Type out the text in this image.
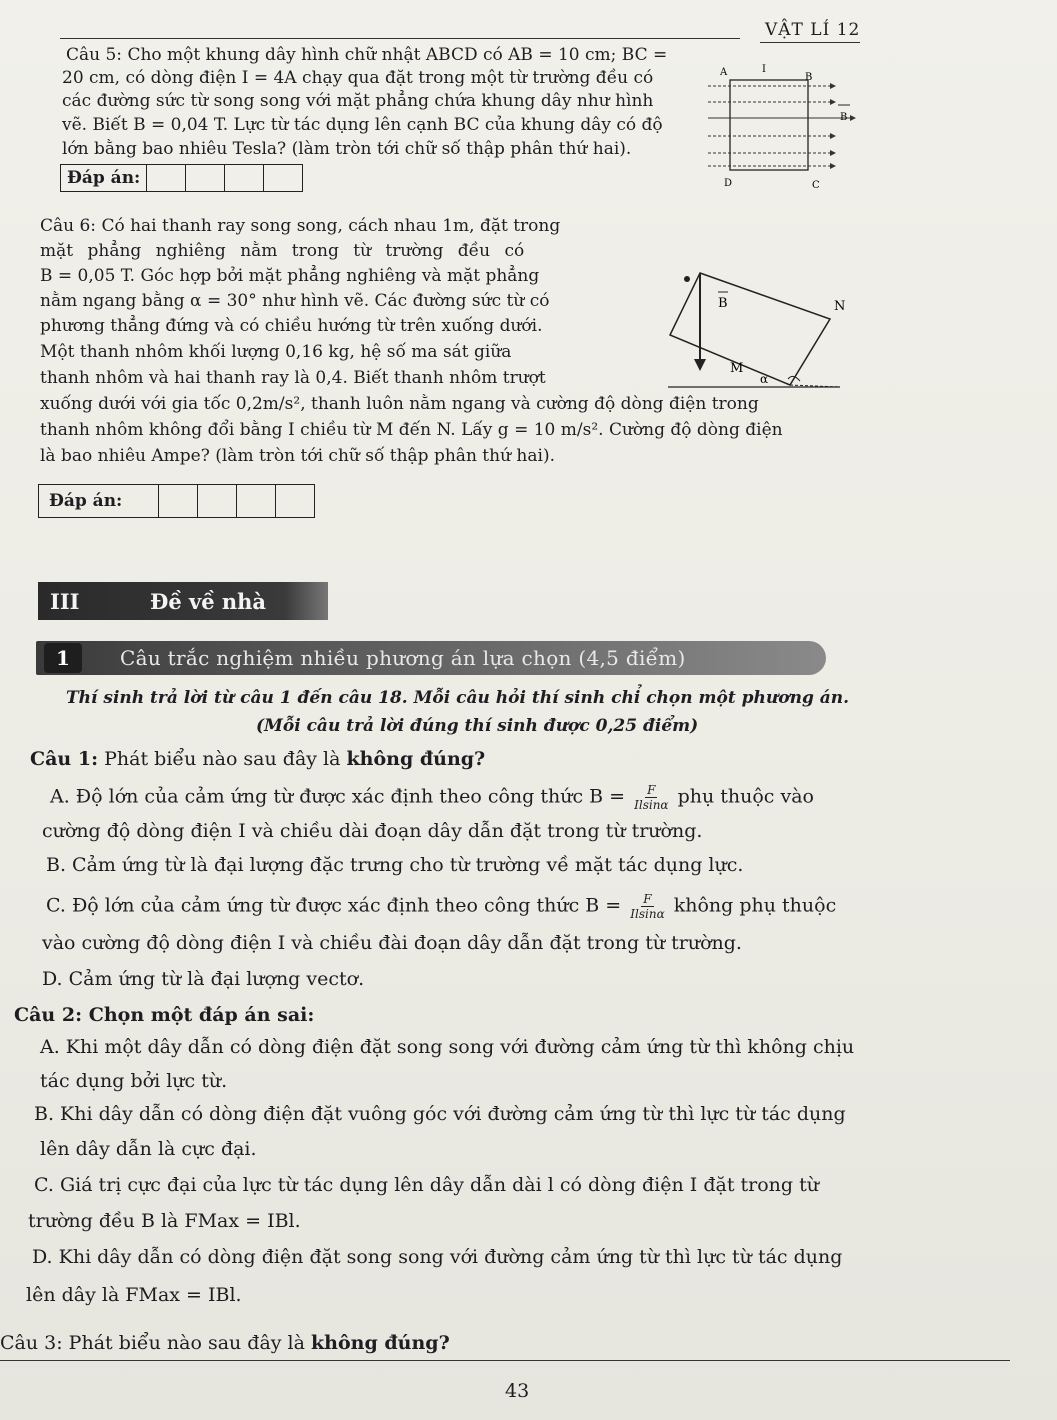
VẬT LÍ 12
Câu 5: Cho một khung dây hình chữ nhật ABCD có AB = 10 cm; BC =
20 cm, có dòng điện I = 4A chạy qua đặt trong một từ trường đều có
các đường sức từ song song với mặt phẳng chứa khung dây như hình
vẽ. Biết B = 0,04 T. Lực từ tác dụng lên cạnh BC của khung dây có độ
lớn bằng bao nhiêu Tesla? (làm tròn tới chữ số thập phân thứ hai).
Đáp án:
A	I
B
D	C
B
Câu 6: Có hai thanh ray song song, cách nhau 1m, đặt trong
mặt phẳng nghiêng nằm trong từ trường đều có
B = 0,05 T. Góc hợp bởi mặt phẳng nghiêng và mặt phẳng
nằm ngang bằng α = 30° như hình vẽ. Các đường sức từ có
phương thẳng đứng và có chiều hướng từ trên xuống dưới.
Một thanh nhôm khối lượng 0,16 kg, hệ số ma sát giữa
thanh nhôm và hai thanh ray là 0,4. Biết thanh nhôm trượt
xuống dưới với gia tốc 0,2m/s², thanh luôn nằm ngang và cường độ dòng điện trong
thanh nhôm không đổi bằng I chiều từ M đến N. Lấy g = 10 m/s². Cường độ dòng điện
là bao nhiêu Ampe? (làm tròn tới chữ số thập phân thứ hai).
Đáp án:
B	N
M
α
III	Đề về nhà
1	Câu trắc nghiệm nhiều phương án lựa chọn (4,5 điểm)
Thí sinh trả lời từ câu 1 đến câu 18. Mỗi câu hỏi thí sinh chỉ chọn một phương án.
(Mỗi câu trả lời đúng thí sinh được 0,25 điểm)
Câu 1: Phát biểu nào sau đây là không đúng?
A. Độ lớn của cảm ứng từ được xác định theo công thức $B = \frac{F}{Ilsin\alpha}$ phụ thuộc vào
cường độ dòng điện I và chiều dài đoạn dây dẫn đặt trong từ trường.
B. Cảm ứng từ là đại lượng đặc trưng cho từ trường về mặt tác dụng lực.
C. Độ lớn của cảm ứng từ được xác định theo công thức $B = \frac{F}{Ilsin\alpha}$ không phụ thuộc
vào cường độ dòng điện I và chiều đài đoạn dây dẫn đặt trong từ trường.
D. Cảm ứng từ là đại lượng vectơ.
Câu 2: Chọn một đáp án sai:
A. Khi một dây dẫn có dòng điện đặt song song với đường cảm ứng từ thì không chịu
tác dụng bởi lực từ.
B. Khi dây dẫn có dòng điện đặt vuông góc với đường cảm ứng từ thì lực từ tác dụng
lên dây dẫn là cực đại.
C. Giá trị cực đại của lực từ tác dụng lên dây dẫn dài l có dòng điện I đặt trong từ
trường đều B là FMax = IBl.
D. Khi dây dẫn có dòng điện đặt song song với đường cảm ứng từ thì lực từ tác dụng
lên dây là FMax = IBl.
Câu 3: Phát biểu nào sau đây là không đúng?
43
